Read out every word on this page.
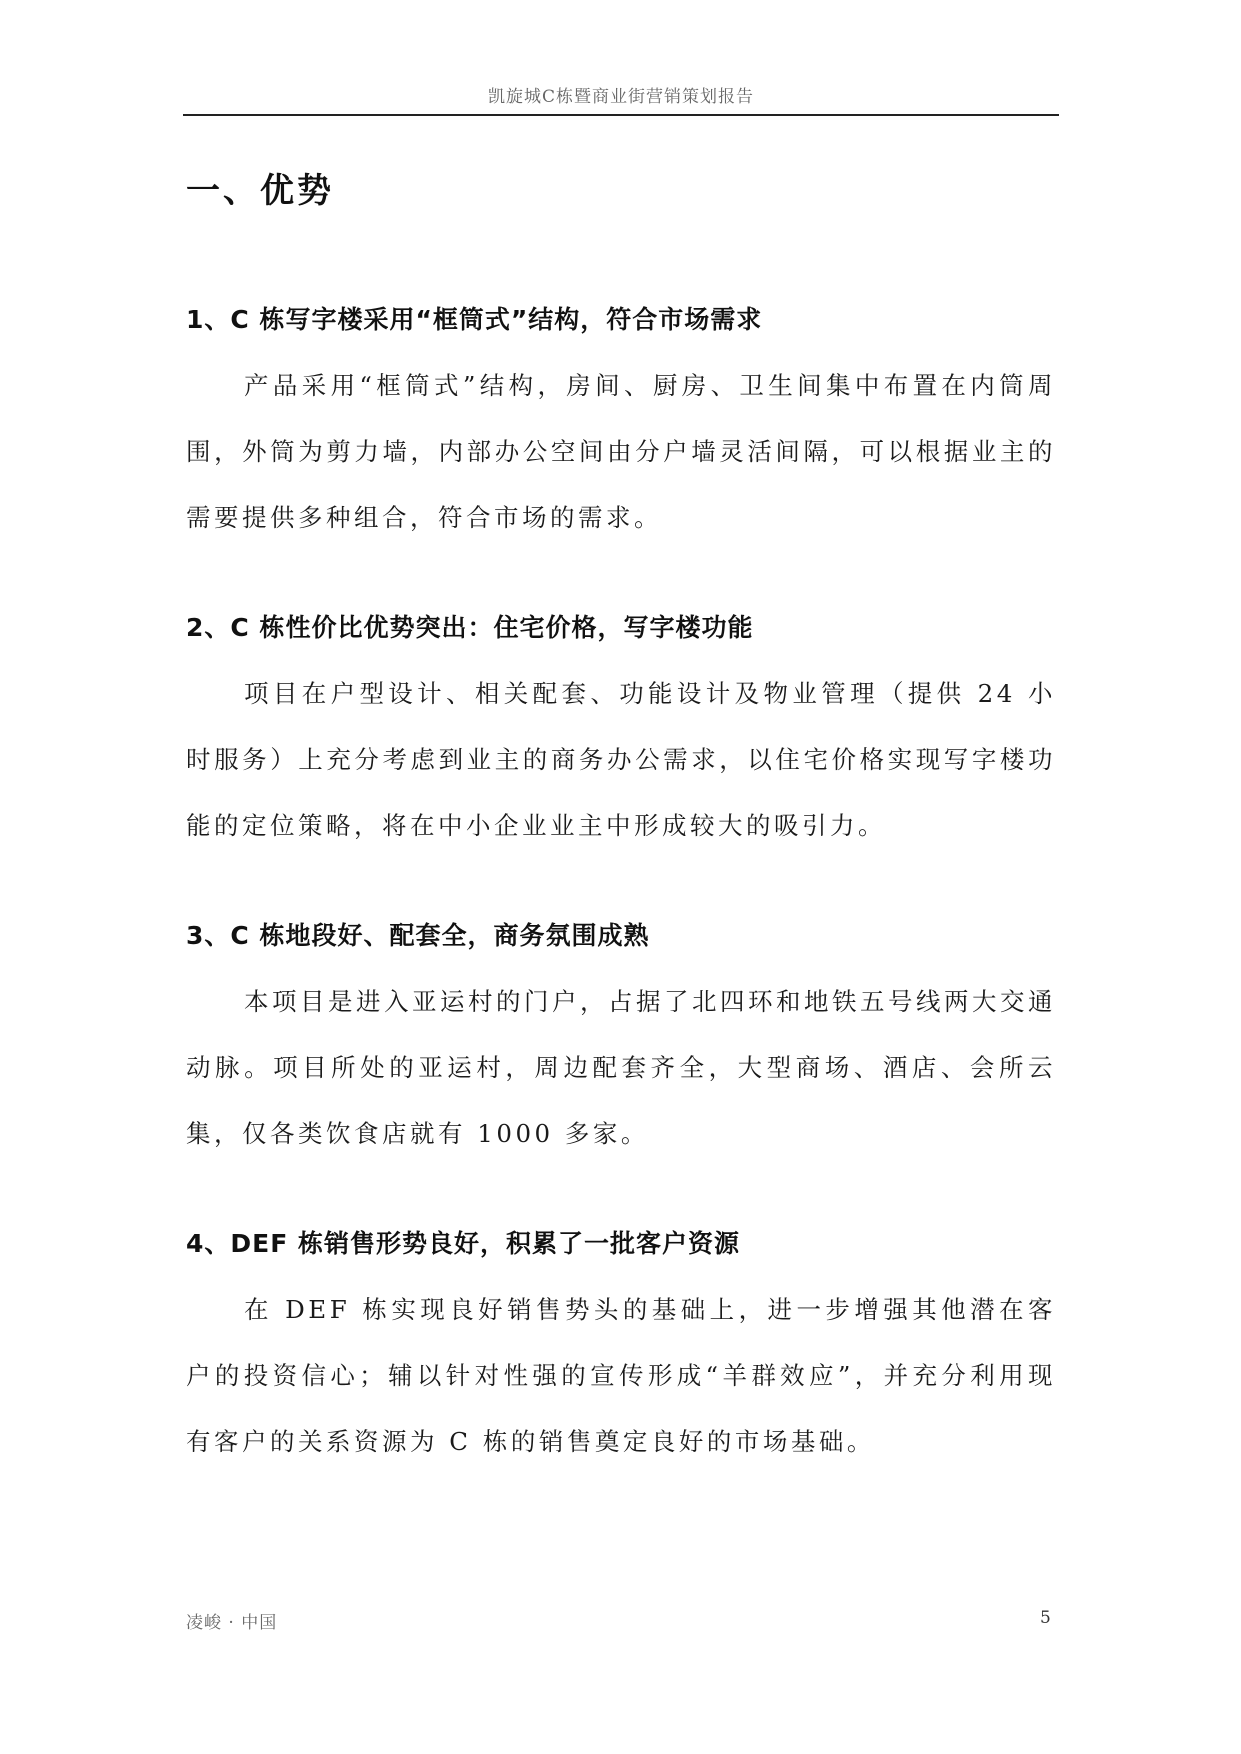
凯旋城C栋暨商业街营销策划报告
一、优势
1、C 栋写字楼采用“框筒式”结构，符合市场需求

产品采用“框筒式”结构，房间、厨房、卫生间集中布置在内筒周围，外筒为剪力墙，内部办公空间由分户墙灵活间隔，可以根据业主的需要提供多种组合，符合市场的需求。

2、C 栋性价比优势突出：住宅价格，写字楼功能

项目在户型设计、相关配套、功能设计及物业管理（提供 24 小时服务）上充分考虑到业主的商务办公需求，以住宅价格实现写字楼功能的定位策略，将在中小企业业主中形成较大的吸引力。

3、C 栋地段好、配套全，商务氛围成熟

本项目是进入亚运村的门户，占据了北四环和地铁五号线两大交通动脉。项目所处的亚运村，周边配套齐全，大型商场、酒店、会所云集，仅各类饮食店就有 1000 多家。

4、DEF 栋销售形势良好，积累了一批客户资源

在 DEF 栋实现良好销售势头的基础上，进一步增强其他潜在客户的投资信心；辅以针对性强的宣传形成“羊群效应”，并充分利用现有客户的关系资源为 C 栋的销售奠定良好的市场基础。

凌峻 · 中国	5
